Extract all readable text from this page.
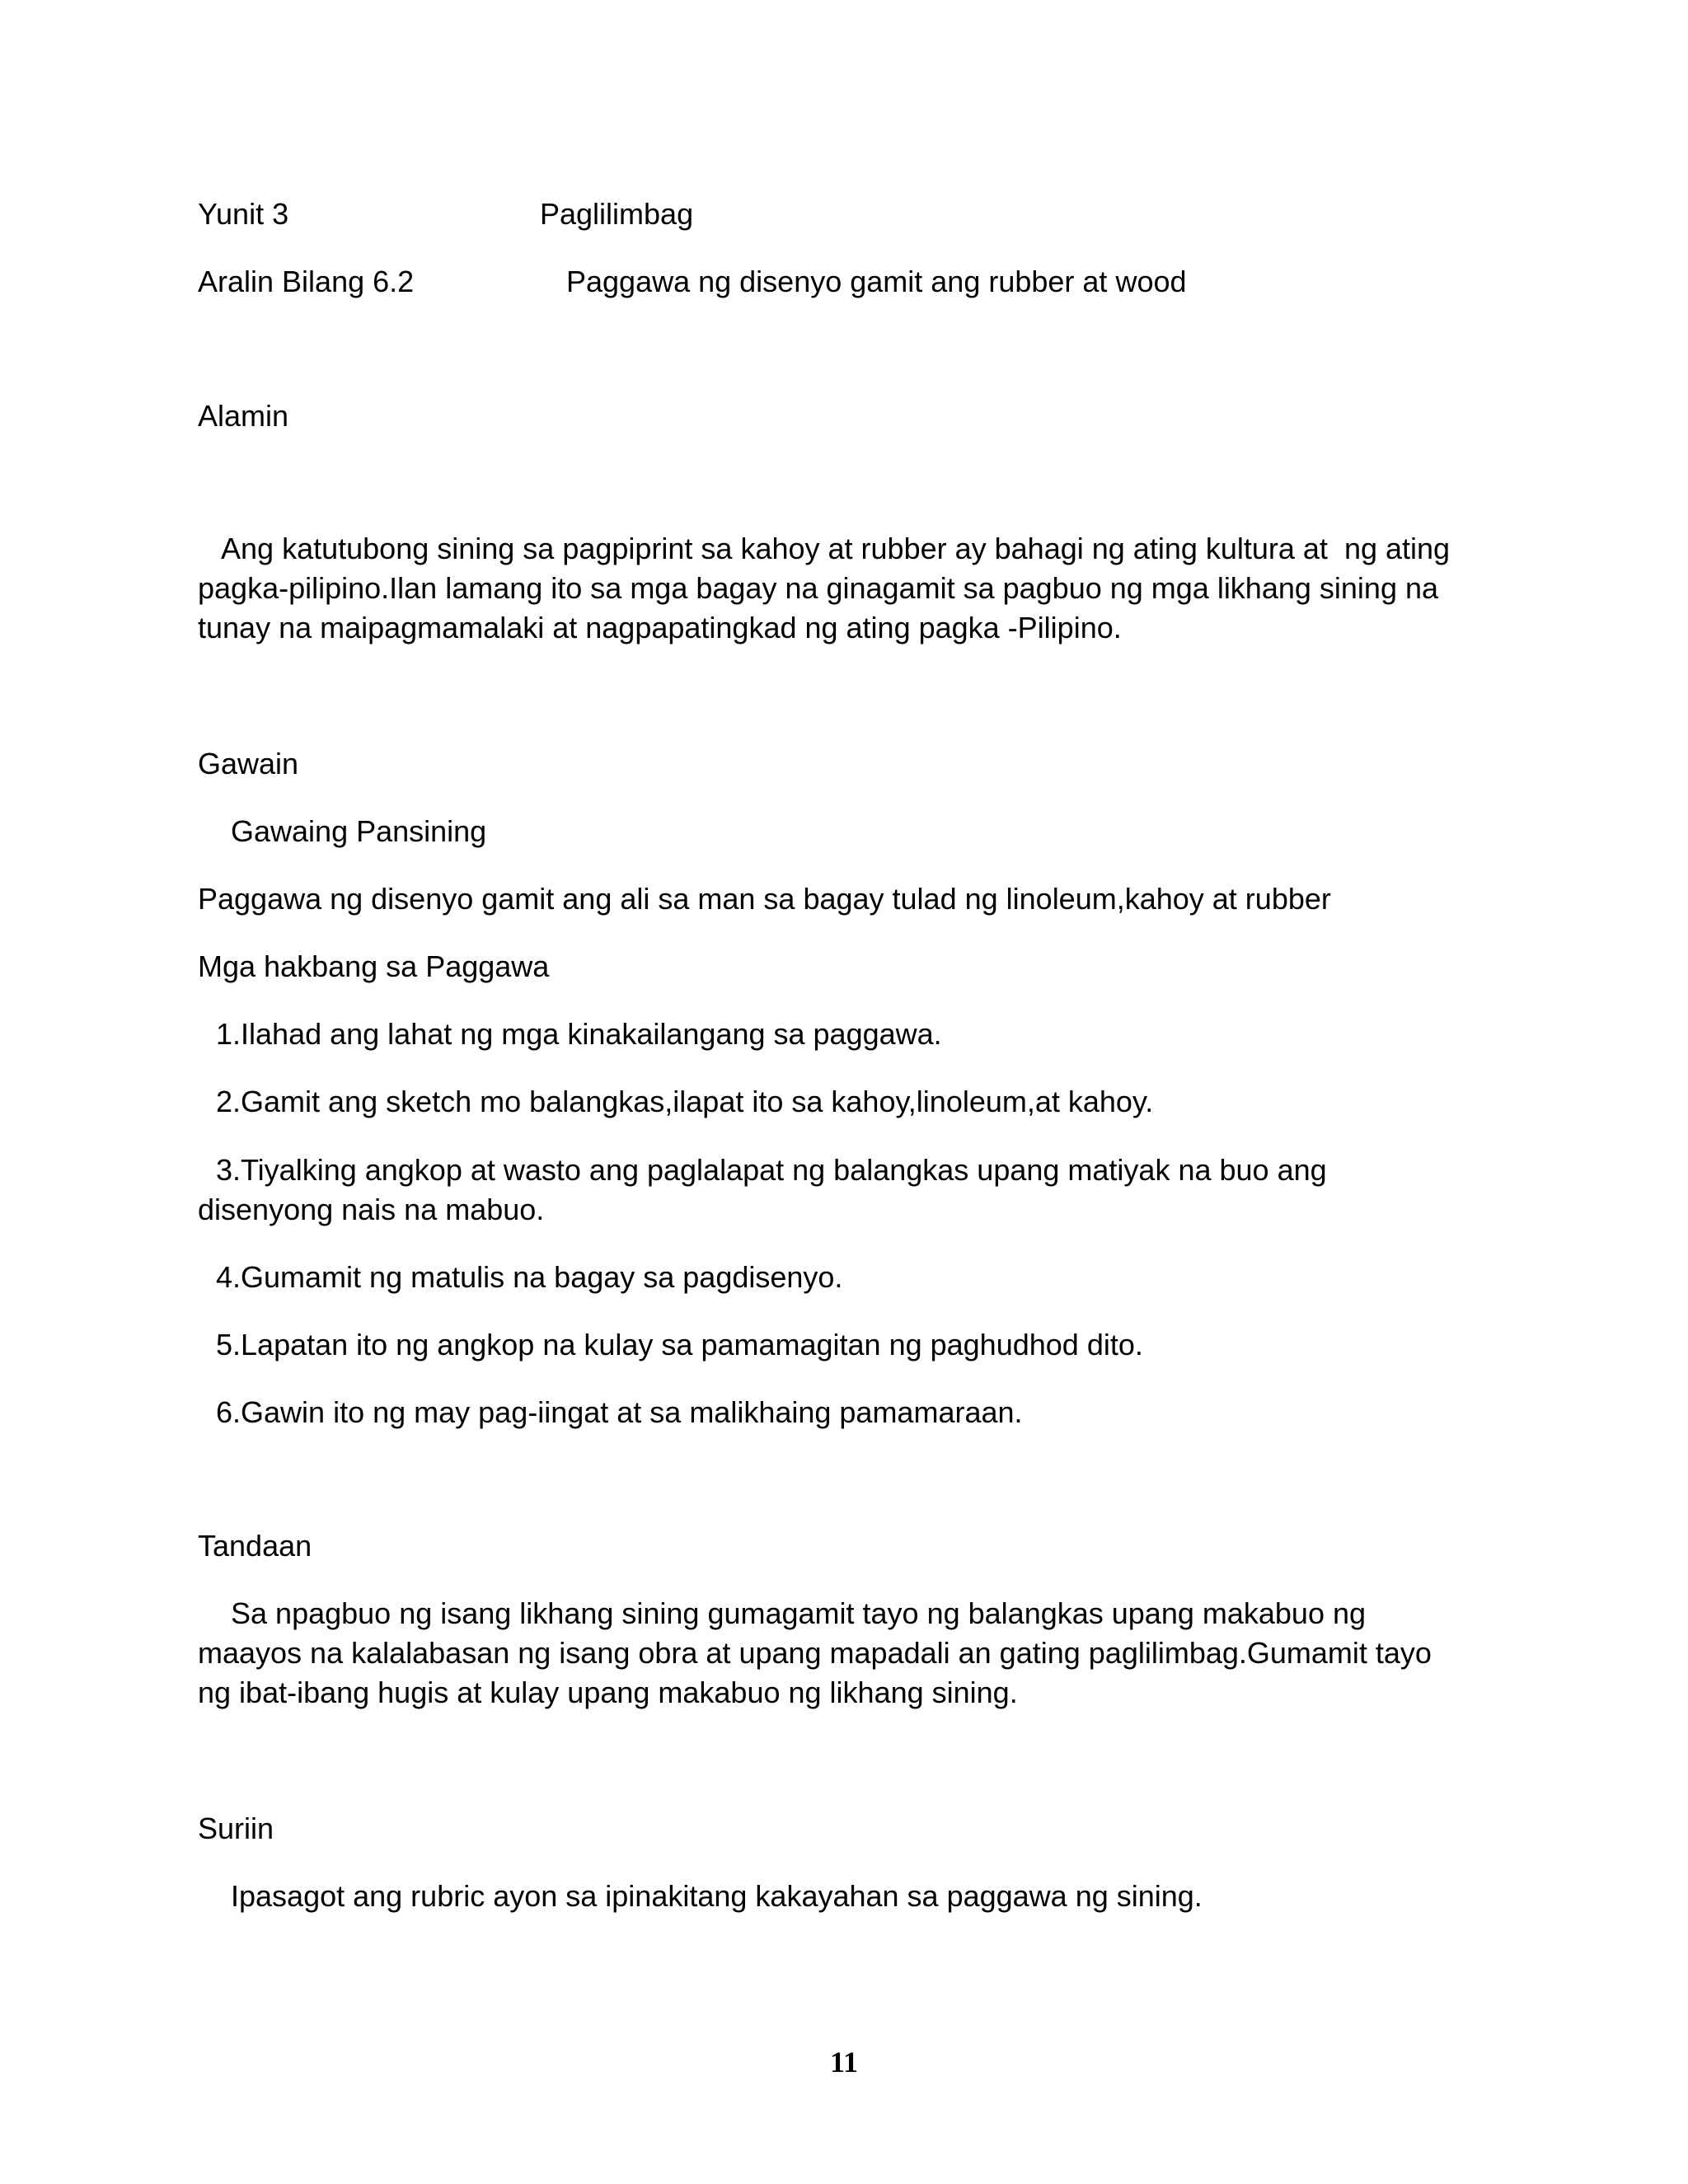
Yunit 3	Paglilimbag
Aralin Bilang 6.2	Paggawa ng disenyo gamit ang rubber at wood
Alamin
Ang katutubong sining sa pagpiprint sa kahoy at rubber ay bahagi ng ating kultura at  ng ating
pagka-pilipino.Ilan lamang ito sa mga bagay na ginagamit sa pagbuo ng mga likhang sining na
tunay na maipagmamalaki at nagpapatingkad ng ating pagka -Pilipino.
Gawain
Gawaing Pansining
Paggawa ng disenyo gamit ang ali sa man sa bagay tulad ng linoleum,kahoy at rubber
Mga hakbang sa Paggawa
1.Ilahad ang lahat ng mga kinakailangang sa paggawa.
2.Gamit ang sketch mo balangkas,ilapat ito sa kahoy,linoleum,at kahoy.
3.Tiyalking angkop at wasto ang paglalapat ng balangkas upang matiyak na buo ang
disenyong nais na mabuo.
4.Gumamit ng matulis na bagay sa pagdisenyo.
5.Lapatan ito ng angkop na kulay sa pamamagitan ng paghudhod dito.
6.Gawin ito ng may pag-iingat at sa malikhaing pamamaraan.
Tandaan
Sa npagbuo ng isang likhang sining gumagamit tayo ng balangkas upang makabuo ng
maayos na kalalabasan ng isang obra at upang mapadali an gating paglilimbag.Gumamit tayo
ng ibat-ibang hugis at kulay upang makabuo ng likhang sining.
Suriin
Ipasagot ang rubric ayon sa ipinakitang kakayahan sa paggawa ng sining.
11
